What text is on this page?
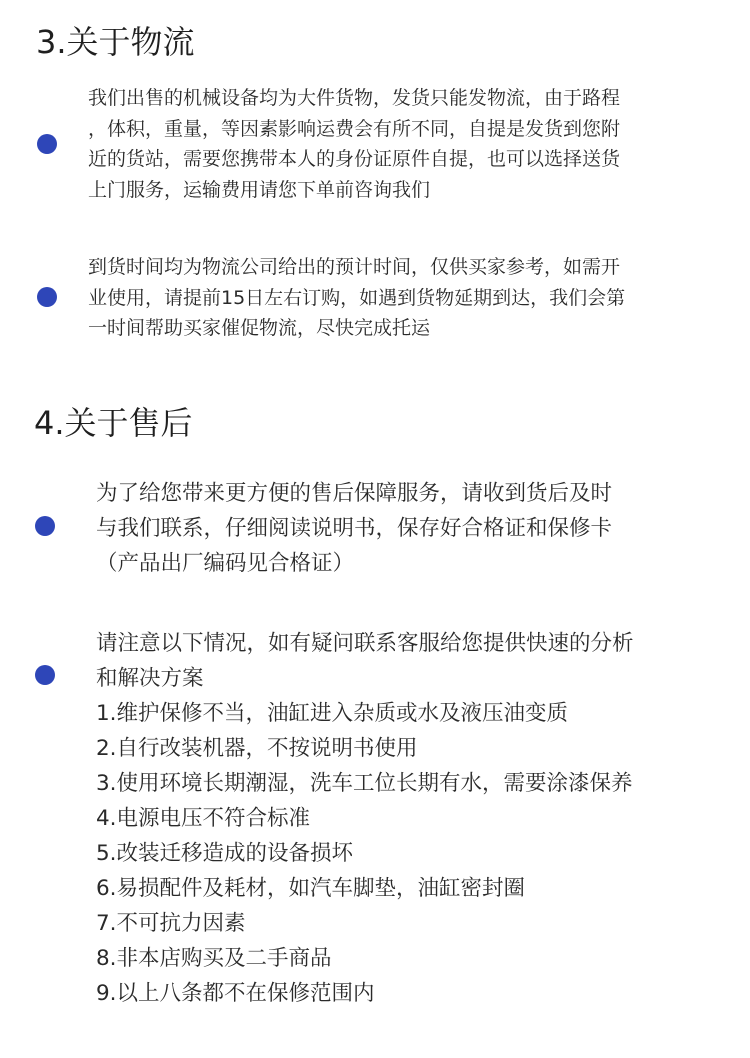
3.关于物流
我们出售的机械设备均为大件货物，发货只能发物流，由于路程
，体积，重量，等因素影响运费会有所不同，自提是发货到您附
近的货站，需要您携带本人的身份证原件自提，也可以选择送货
上门服务，运输费用请您下单前咨询我们
到货时间均为物流公司给出的预计时间，仅供买家参考，如需开
业使用，请提前15日左右订购，如遇到货物延期到达，我们会第
一时间帮助买家催促物流，尽快完成托运
4.关于售后
为了给您带来更方便的售后保障服务，请收到货后及时
与我们联系，仔细阅读说明书，保存好合格证和保修卡
（产品出厂编码见合格证）
请注意以下情况，如有疑问联系客服给您提供快速的分析
和解决方案
1.维护保修不当，油缸进入杂质或水及液压油变质
2.自行改装机器，不按说明书使用
3.使用环境长期潮湿，洗车工位长期有水，需要涂漆保养
4.电源电压不符合标准
5.改装迁移造成的设备损坏
6.易损配件及耗材，如汽车脚垫，油缸密封圈
7.不可抗力因素
8.非本店购买及二手商品
9.以上八条都不在保修范围内
